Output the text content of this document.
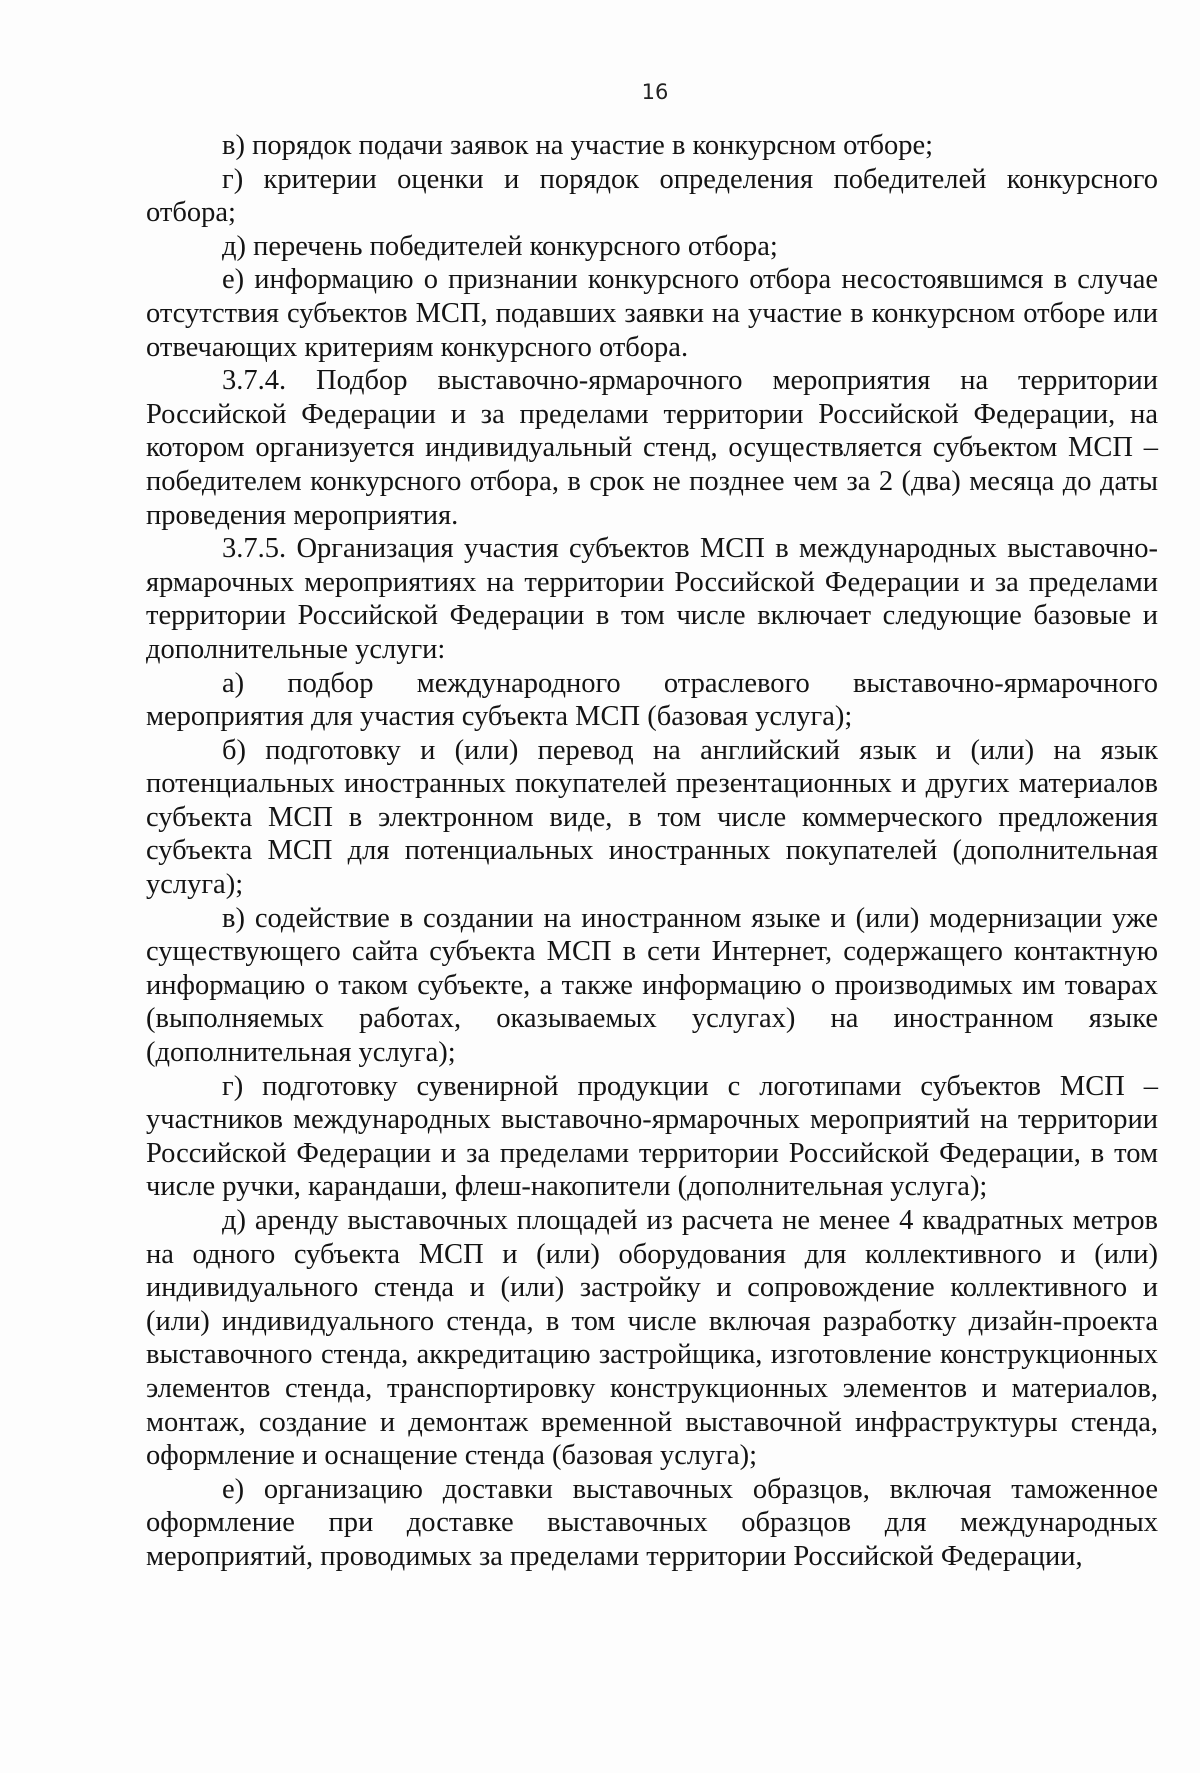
16

в) порядок подачи заявок на участие в конкурсном отборе;

г) критерии оценки и порядок определения победителей конкурсного отбора;

д) перечень победителей конкурсного отбора;

е) информацию о признании конкурсного отбора несостоявшимся в случае отсутствия субъектов МСП, подавших заявки на участие в конкурсном отборе или отвечающих критериям конкурсного отбора.

3.7.4. Подбор выставочно-ярмарочного мероприятия на территории Российской Федерации и за пределами территории Российской Федерации, на котором организуется индивидуальный стенд, осуществляется субъектом МСП – победителем конкурсного отбора, в срок не позднее чем за 2 (два) месяца до даты проведения мероприятия.

3.7.5. Организация участия субъектов МСП в международных выставочно-ярмарочных мероприятиях на территории Российской Федерации и за пределами территории Российской Федерации в том числе включает следующие базовые и дополнительные услуги:

а) подбор международного отраслевого выставочно-ярмарочного мероприятия для участия субъекта МСП (базовая услуга);

б) подготовку и (или) перевод на английский язык и (или) на язык потенциальных иностранных покупателей презентационных и других материалов субъекта МСП в электронном виде, в том числе коммерческого предложения субъекта МСП для потенциальных иностранных покупателей (дополнительная услуга);

в) содействие в создании на иностранном языке и (или) модернизации уже существующего сайта субъекта МСП в сети Интернет, содержащего контактную информацию о таком субъекте, а также информацию о производимых им товарах (выполняемых работах, оказываемых услугах) на иностранном языке (дополнительная услуга);

г) подготовку сувенирной продукции с логотипами субъектов МСП – участников международных выставочно-ярмарочных мероприятий на территории Российской Федерации и за пределами территории Российской Федерации, в том числе ручки, карандаши, флеш-накопители (дополнительная услуга);

д) аренду выставочных площадей из расчета не менее 4 квадратных метров на одного субъекта МСП и (или) оборудования для коллективного и (или) индивидуального стенда и (или) застройку и сопровождение коллективного и (или) индивидуального стенда, в том числе включая разработку дизайн-проекта выставочного стенда, аккредитацию застройщика, изготовление конструкционных элементов стенда, транспортировку конструкционных элементов и материалов, монтаж, создание и демонтаж временной выставочной инфраструктуры стенда, оформление и оснащение стенда (базовая услуга);

е) организацию доставки выставочных образцов, включая таможенное оформление при доставке выставочных образцов для международных мероприятий, проводимых за пределами территории Российской Федерации,
